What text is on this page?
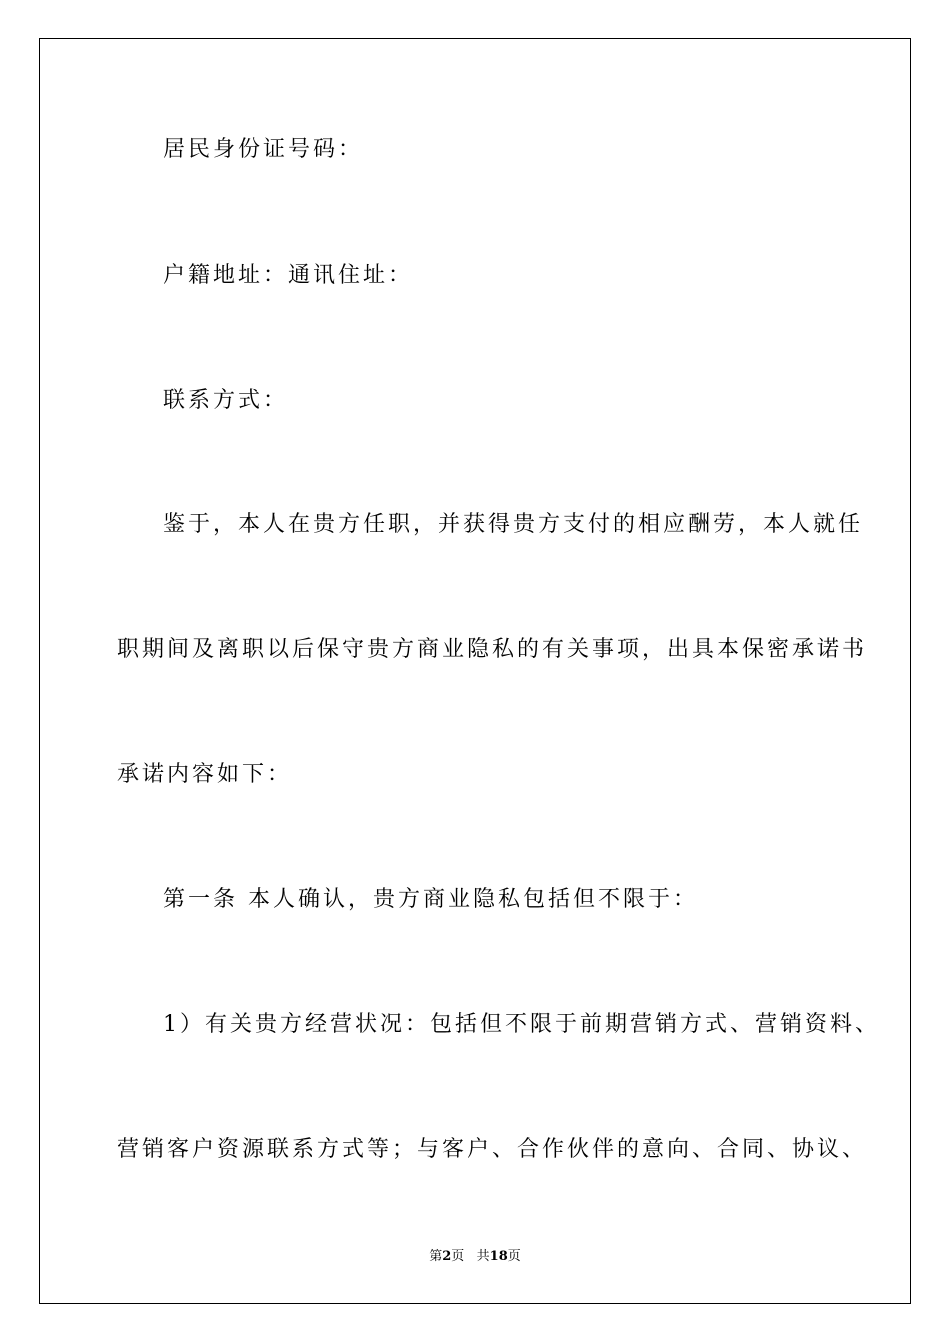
居民身份证号码：
户籍地址：通讯住址：
联系方式：
鉴于，本人在贵方任职，并获得贵方支付的相应酬劳，本人就任
职期间及离职以后保守贵方商业隐私的有关事项，出具本保密承诺书
承诺内容如下：
第一条 本人确认，贵方商业隐私包括但不限于：
1）有关贵方经营状况：包括但不限于前期营销方式、营销资料、
营销客户资源联系方式等；与客户、合作伙伴的意向、合同、协议、
第2页   共18页
